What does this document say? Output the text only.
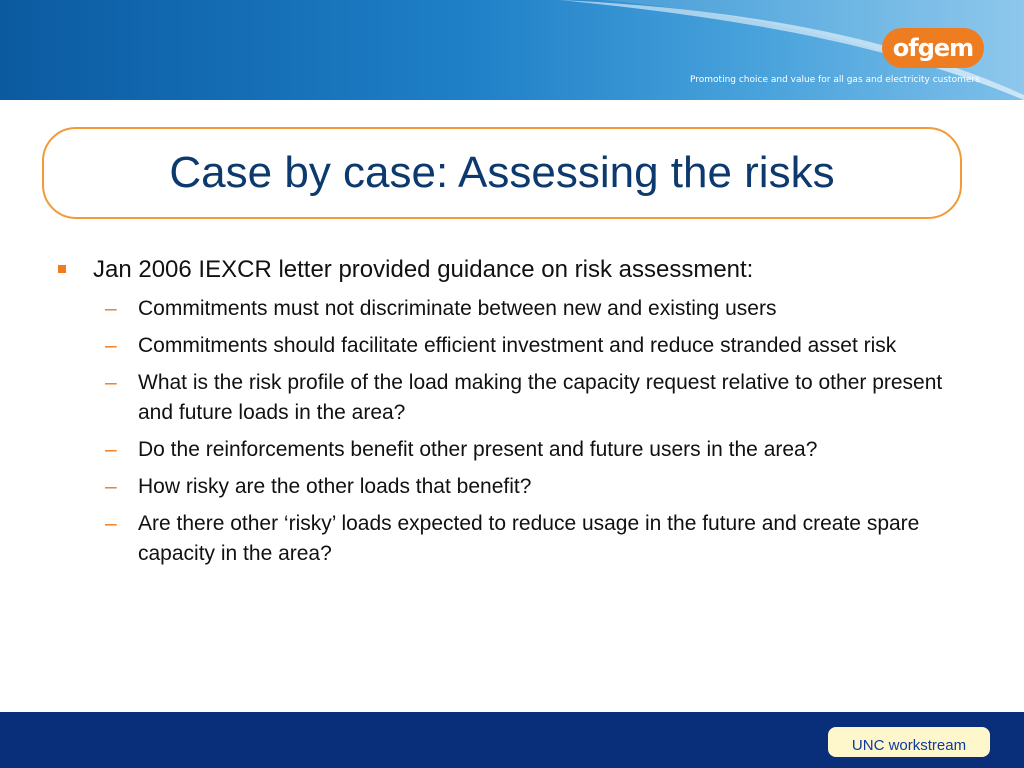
ofgem
Promoting choice and value for all gas and electricity customers
Case by case: Assessing the risks
Jan 2006 IEXCR letter provided guidance on risk assessment:
– Commitments must not discriminate between new and existing users
– Commitments should facilitate efficient investment and reduce stranded asset risk
– What is the risk profile of the load making the capacity request relative to other present and future loads in the area?
– Do the reinforcements benefit other present and future users in the area?
– How risky are the other loads that benefit?
– Are there other ‘risky’ loads expected to reduce usage in the future and create spare capacity in the area?
UNC workstream
